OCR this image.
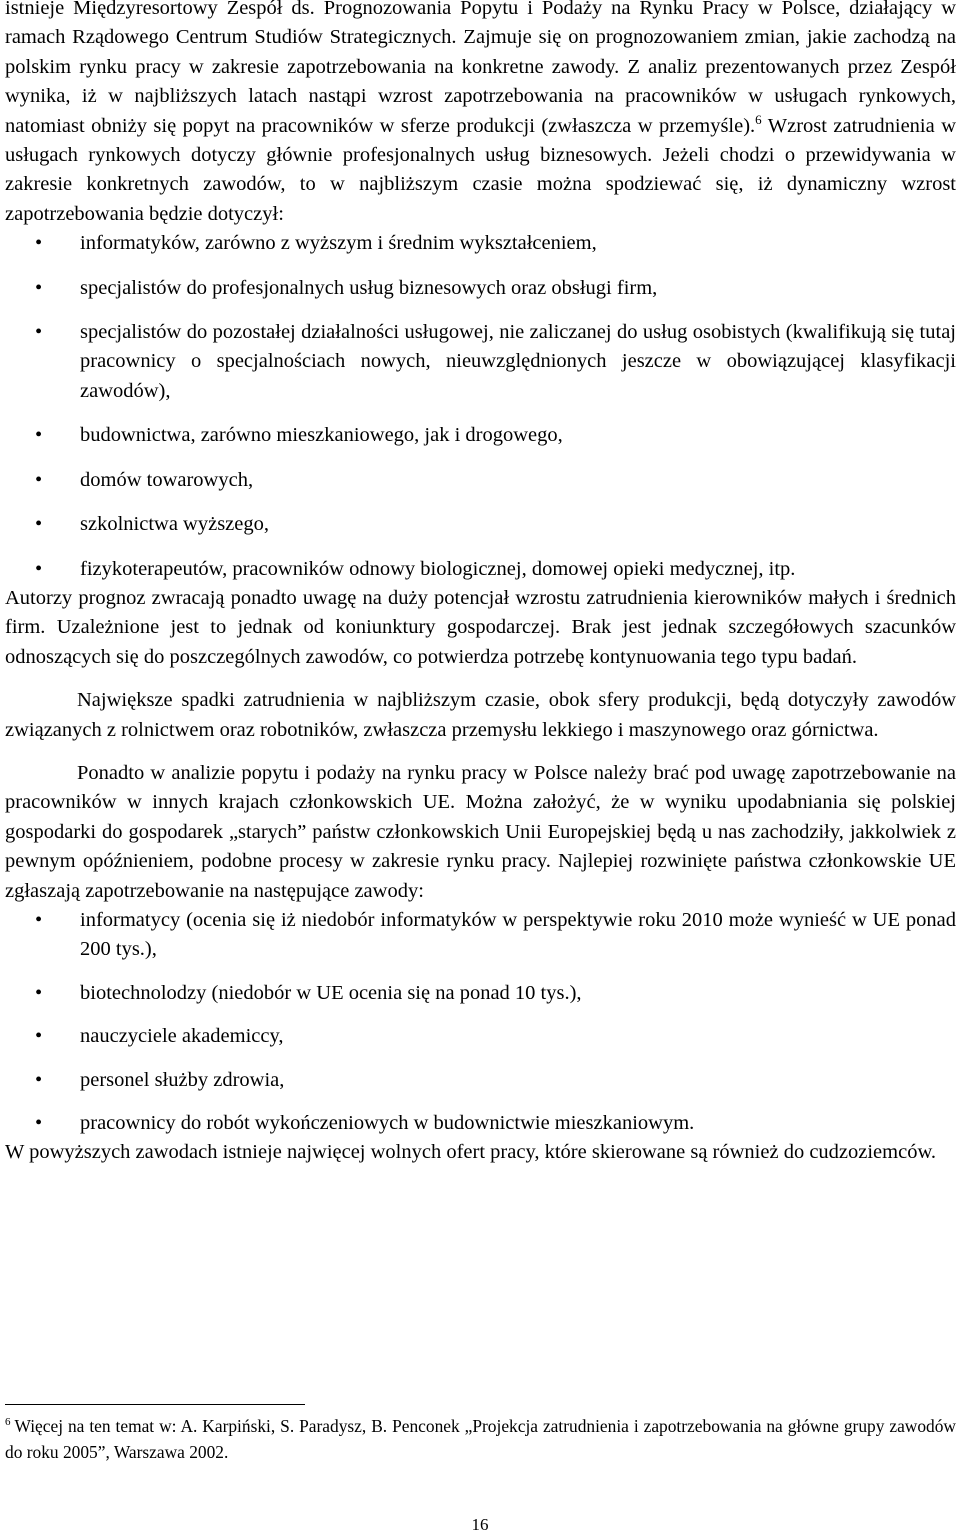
istnieje Międzyresortowy Zespół ds. Prognozowania Popytu i Podaży na Rynku Pracy w Polsce, działający w ramach Rządowego Centrum Studiów Strategicznych. Zajmuje się on prognozowaniem zmian, jakie zachodzą na polskim rynku pracy w zakresie zapotrzebowania na konkretne zawody. Z analiz prezentowanych przez Zespół wynika, iż w najbliższych latach nastąpi wzrost zapotrzebowania na pracowników w usługach rynkowych, natomiast obniży się popyt na pracowników w sferze produkcji (zwłaszcza w przemyśle).$^6$ Wzrost zatrudnienia w usługach rynkowych dotyczy głównie profesjonalnych usług biznesowych. Jeżeli chodzi o przewidywania w zakresie konkretnych zawodów, to w najbliższym czasie można spodziewać się, iż dynamiczny wzrost zapotrzebowania będzie dotyczył:

• informatyków, zarówno z wyższym i średnim wykształceniem,
• specjalistów do profesjonalnych usług biznesowych oraz obsługi firm,
• specjalistów do pozostałej działalności usługowej, nie zaliczanej do usług osobistych (kwalifikują się tutaj pracownicy o specjalnościach nowych, nieuwzględnionych jeszcze w obowiązującej klasyfikacji zawodów),
• budownictwa, zarówno mieszkaniowego, jak i drogowego,
• domów towarowych,
• szkolnictwa wyższego,
• fizykoterapeutów, pracowników odnowy biologicznej, domowej opieki medycznej, itp.

Autorzy prognoz zwracają ponadto uwagę na duży potencjał wzrostu zatrudnienia kierowników małych i średnich firm. Uzależnione jest to jednak od koniunktury gospodarczej. Brak jest jednak szczegółowych szacunków odnoszących się do poszczególnych zawodów, co potwierdza potrzebę kontynuowania tego typu badań.

Największe spadki zatrudnienia w najbliższym czasie, obok sfery produkcji, będą dotyczyły zawodów związanych z rolnictwem oraz robotników, zwłaszcza przemysłu lekkiego i maszynowego oraz górnictwa.

Ponadto w analizie popytu i podaży na rynku pracy w Polsce należy brać pod uwagę zapotrzebowanie na pracowników w innych krajach członkowskich UE. Można założyć, że w wyniku upodabniania się polskiej gospodarki do gospodarek „starych” państw członkowskich Unii Europejskiej będą u nas zachodziły, jakkolwiek z pewnym opóźnieniem, podobne procesy w zakresie rynku pracy. Najlepiej rozwinięte państwa członkowskie UE zgłaszają zapotrzebowanie na następujące zawody:

• informatycy (ocenia się iż niedobór informatyków w perspektywie roku 2010 może wynieść w UE ponad 200 tys.),
• biotechnolodzy (niedobór w UE ocenia się na ponad 10 tys.),
• nauczyciele akademiccy,
• personel służby zdrowia,
• pracownicy do robót wykończeniowych w budownictwie mieszkaniowym.

W powyższych zawodach istnieje najwięcej wolnych ofert pracy, które skierowane są również do cudzoziemców.

$^6$ Więcej na ten temat w: A. Karpiński, S. Paradysz, B. Penconek „Projekcja zatrudnienia i zapotrzebowania na główne grupy zawodów do roku 2005”, Warszawa 2002.
16
